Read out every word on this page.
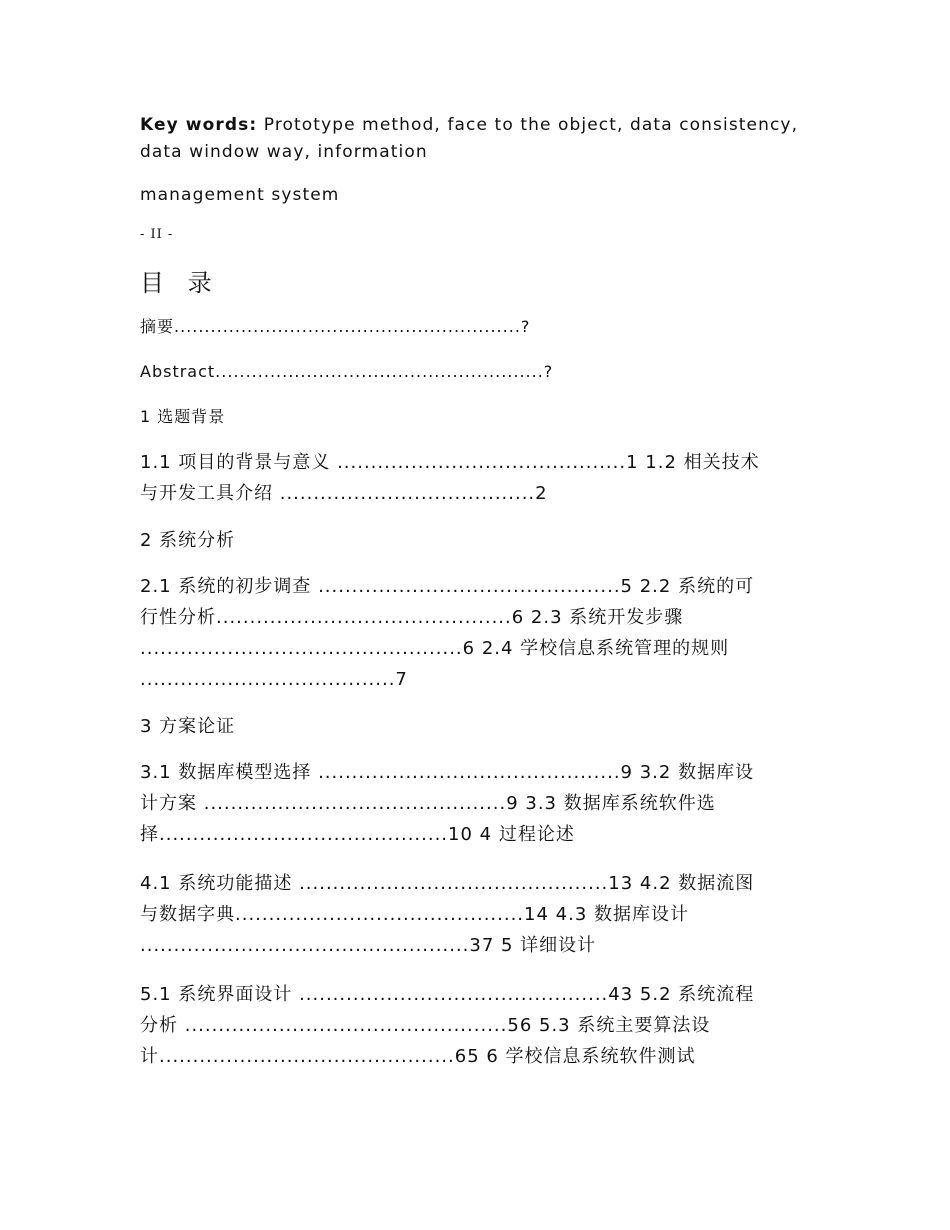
Key words: Prototype method, face to the object, data consistency,
data window way, information

management system

- II -

目 录

摘要.........................................................?

Abstract......................................................?

1 选题背景

1.1 项目的背景与意义 ...........................................1 1.2 相关技术
与开发工具介绍 ......................................2

2 系统分析

2.1 系统的初步调查 .............................................5 2.2 系统的可
行性分析............................................6 2.3 系统开发步骤
................................................6 2.4 学校信息系统管理的规则
......................................7

3 方案论证

3.1 数据库模型选择 .............................................9 3.2 数据库设
计方案 .............................................9 3.3 数据库系统软件选
择...........................................10 4 过程论述

4.1 系统功能描述 ..............................................13 4.2 数据流图
与数据字典...........................................14 4.3 数据库设计
.................................................37 5 详细设计

5.1 系统界面设计 ..............................................43 5.2 系统流程
分析 ................................................56 5.3 系统主要算法设
计............................................65 6 学校信息系统软件测试
